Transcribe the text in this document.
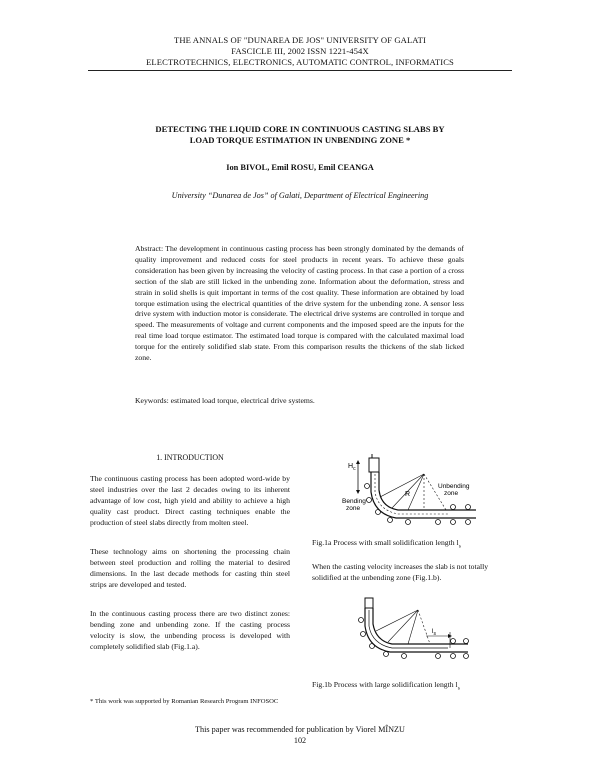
THE ANNALS OF "DUNAREA DE JOS" UNIVERSITY OF GALATI
FASCICLE III, 2002 ISSN 1221-454X
ELECTROTECHNICS, ELECTRONICS, AUTOMATIC CONTROL, INFORMATICS
DETECTING THE LIQUID CORE IN CONTINUOUS CASTING SLABS BY
LOAD TORQUE ESTIMATION IN UNBENDING ZONE *
Ion BIVOL, Emil ROSU, Emil CEANGA
University “Dunarea de Jos” of Galati, Department of Electrical Engineering
Abstract: The development in continuous casting process has been strongly dominated by the demands of quality improvement and reduced costs for steel products in recent years. To achieve these goals consideration has been given by increasing the velocity of casting process. In that case a portion of a cross section of the slab are still licked in the unbending zone. Information about the deformation, stress and strain in solid shells is quit important in terms of the cost quality. These information are obtained by load torque estimation using the electrical quantities of the drive system for the unbending zone. A sensor less drive system with induction motor is considerate. The electrical drive systems are controlled in torque and speed. The measurements of voltage and current components and the imposed speed are the inputs for the real time load torque estimator. The estimated load torque is compared with the calculated maximal load torque for the entirely solidified slab state. From this comparison results the thickens of the slab licked zone.
Keywords: estimated load torque, electrical drive systems.
1. INTRODUCTION
The continuous casting process has been adopted word-wide by steel industries over the last 2 decades owing to its inherent advantage of low cost, high yield and ability to achieve a high quality cast product. Direct casting techniques enable the production of steel slabs directly from molten steel.
These technology aims on shortening the processing chain between steel production and rolling the material to desired dimensions. In the last decade methods for casting thin steel strips are developed and tested.
In the continuous casting process there are two distinct zones: bending zone and unbending zone. If the casting process velocity is slow, the unbending process is developed with completely solidified slab (Fig.1.a).
$H_c$
R
Bending
zone
Unbending
zone
Fig.1a Process with small solidification length $l_s$
When the casting velocity increases the slab is not totally solidified at the unbending zone (Fig.1.b).
$l_s$
Fig.1b Process with large solidification length $l_s$
* This work was supported by Romanian Research Program INFOSOC
This paper was recommended for publication by Viorel MÎNZU
102
